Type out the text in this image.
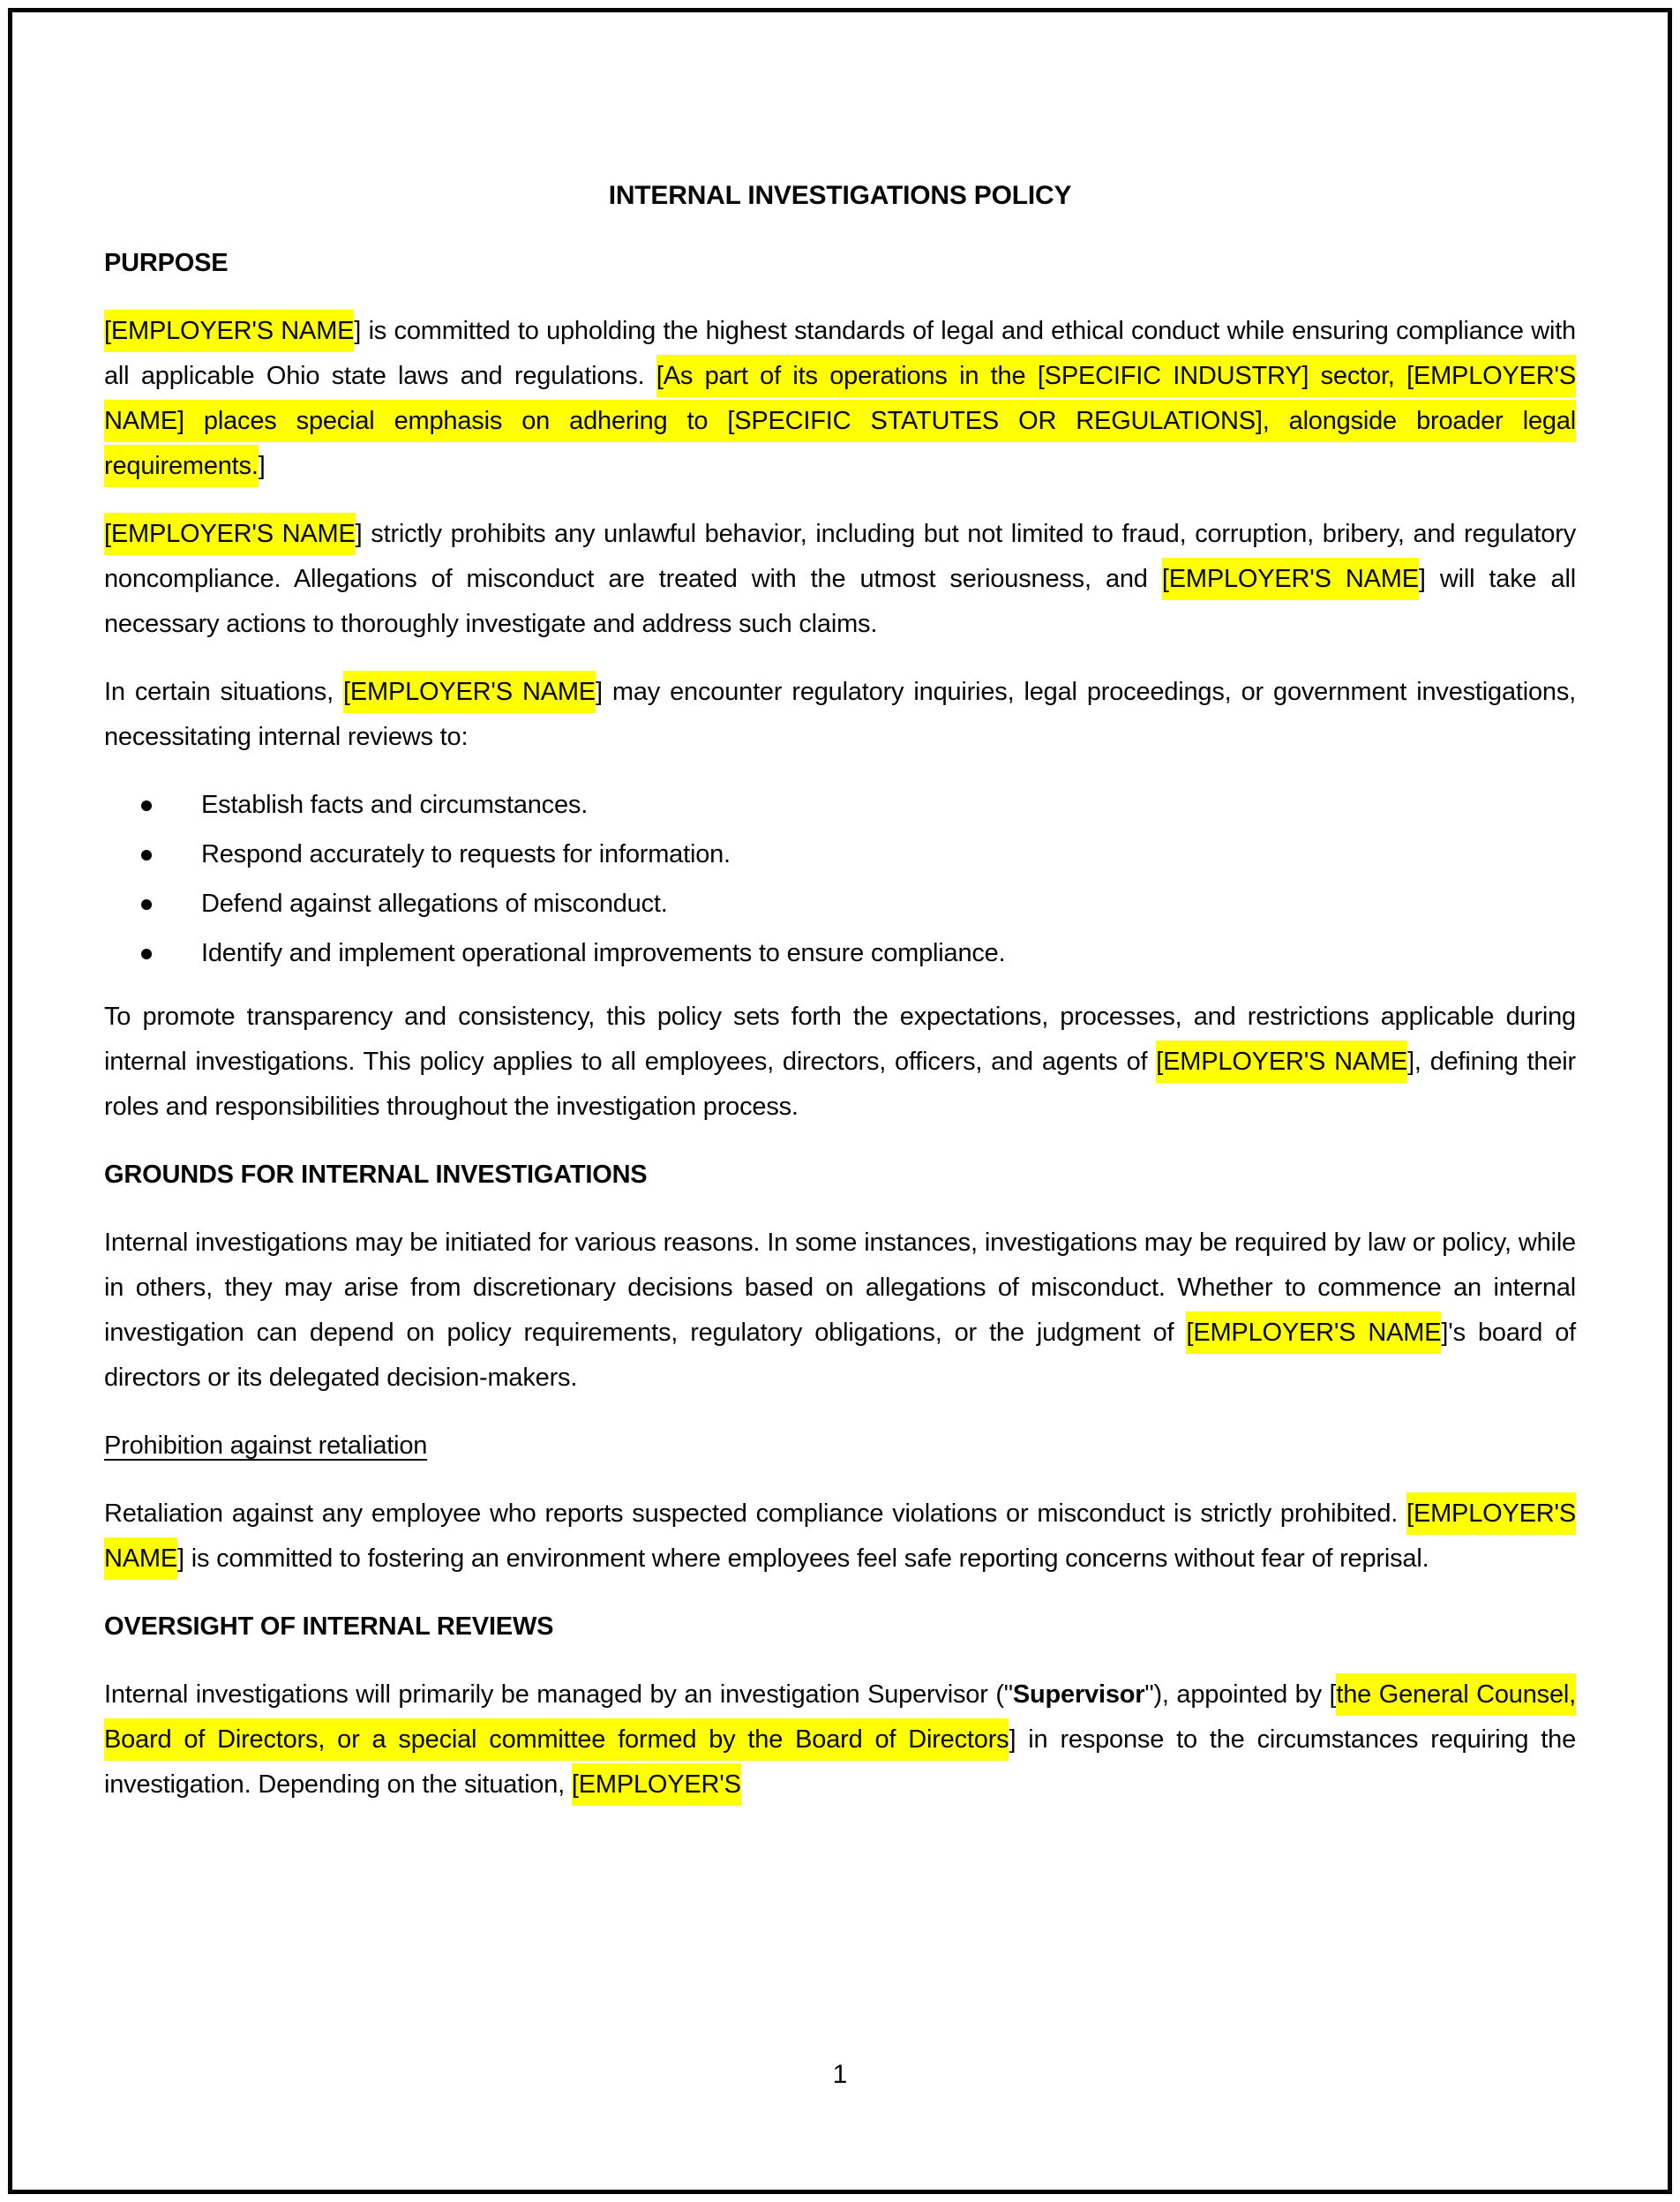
INTERNAL INVESTIGATIONS POLICY

PURPOSE

[EMPLOYER'S NAME] is committed to upholding the highest standards of legal and ethical conduct while ensuring compliance with all applicable Ohio state laws and regulations. [As part of its operations in the [SPECIFIC INDUSTRY] sector, [EMPLOYER'S NAME] places special emphasis on adhering to [SPECIFIC STATUTES OR REGULATIONS], alongside broader legal requirements.]

[EMPLOYER'S NAME] strictly prohibits any unlawful behavior, including but not limited to fraud, corruption, bribery, and regulatory noncompliance. Allegations of misconduct are treated with the utmost seriousness, and [EMPLOYER'S NAME] will take all necessary actions to thoroughly investigate and address such claims.

In certain situations, [EMPLOYER'S NAME] may encounter regulatory inquiries, legal proceedings, or government investigations, necessitating internal reviews to:

Establish facts and circumstances.
Respond accurately to requests for information.
Defend against allegations of misconduct.
Identify and implement operational improvements to ensure compliance.

To promote transparency and consistency, this policy sets forth the expectations, processes, and restrictions applicable during internal investigations. This policy applies to all employees, directors, officers, and agents of [EMPLOYER'S NAME], defining their roles and responsibilities throughout the investigation process.

GROUNDS FOR INTERNAL INVESTIGATIONS

Internal investigations may be initiated for various reasons. In some instances, investigations may be required by law or policy, while in others, they may arise from discretionary decisions based on allegations of misconduct. Whether to commence an internal investigation can depend on policy requirements, regulatory obligations, or the judgment of [EMPLOYER'S NAME]'s board of directors or its delegated decision-makers.

Prohibition against retaliation

Retaliation against any employee who reports suspected compliance violations or misconduct is strictly prohibited. [EMPLOYER'S NAME] is committed to fostering an environment where employees feel safe reporting concerns without fear of reprisal.

OVERSIGHT OF INTERNAL REVIEWS

Internal investigations will primarily be managed by an investigation Supervisor ("Supervisor"), appointed by [the General Counsel, Board of Directors, or a special committee formed by the Board of Directors] in response to the circumstances requiring the investigation. Depending on the situation, [EMPLOYER'S

1
